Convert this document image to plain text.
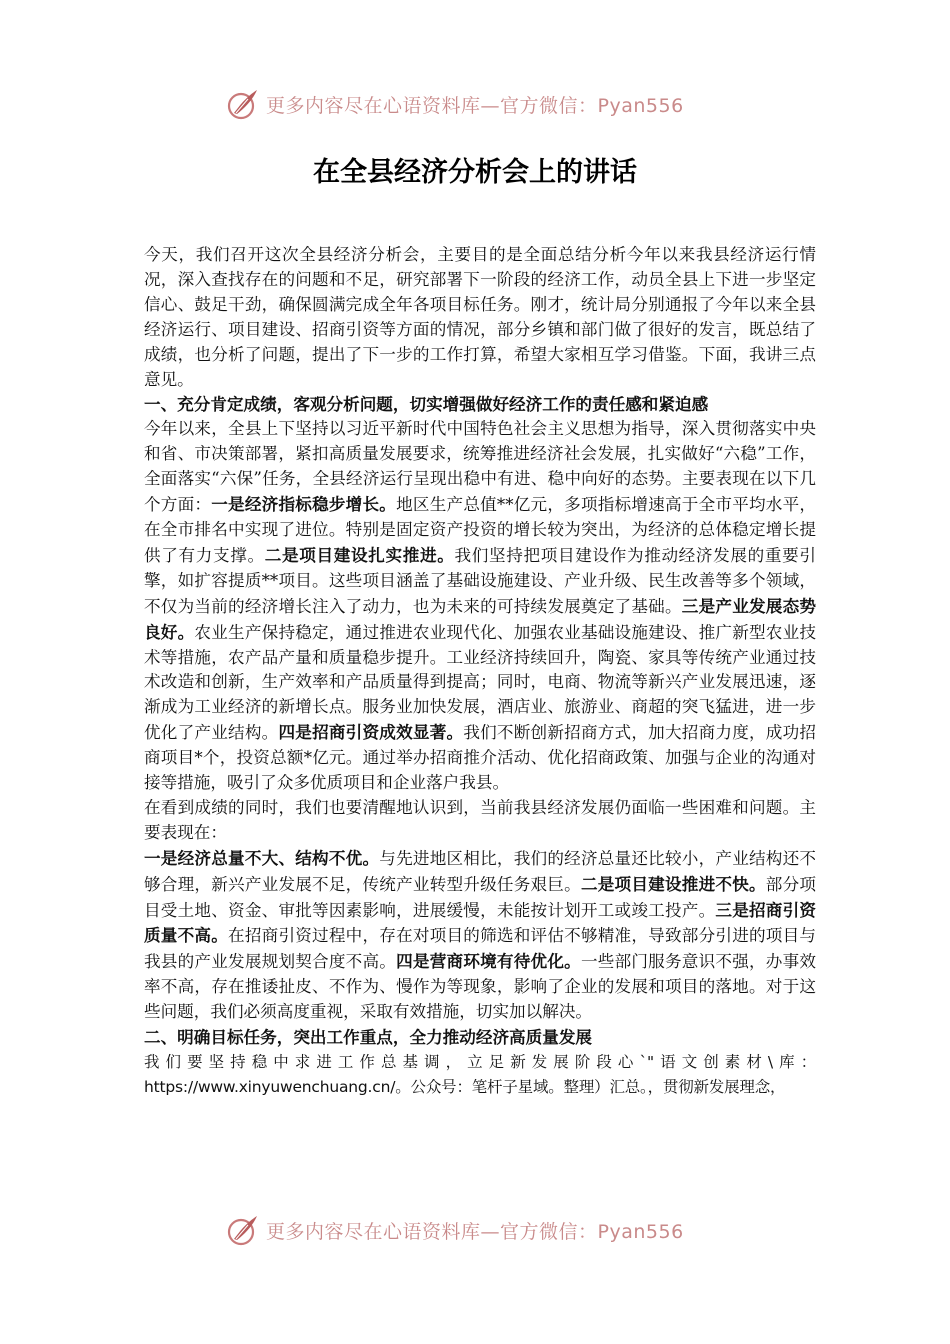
更多内容尽在心语资料库—官方微信：Pyan556
在全县经济分析会上的讲话

今天，我们召开这次全县经济分析会，主要目的是全面总结分析今年以来我县经济运行情况，深入查找存在的问题和不足，研究部署下一阶段的经济工作，动员全县上下进一步坚定信心、鼓足干劲，确保圆满完成全年各项目标任务。刚才，统计局分别通报了今年以来全县经济运行、项目建设、招商引资等方面的情况，部分乡镇和部门做了很好的发言，既总结了成绩，也分析了问题，提出了下一步的工作打算，希望大家相互学习借鉴。下面，我讲三点意见。

一、充分肯定成绩，客观分析问题，切实增强做好经济工作的责任感和紧迫感

今年以来，全县上下坚持以习近平新时代中国特色社会主义思想为指导，深入贯彻落实中央和省、市决策部署，紧扣高质量发展要求，统筹推进经济社会发展，扎实做好“六稳”工作，全面落实“六保”任务，全县经济运行呈现出稳中有进、稳中向好的态势。主要表现在以下几个方面：一是经济指标稳步增长。地区生产总值**亿元，多项指标增速高于全市平均水平，在全市排名中实现了进位。特别是固定资产投资的增长较为突出，为经济的总体稳定增长提供了有力支撑。二是项目建设扎实推进。我们坚持把项目建设作为推动经济发展的重要引擎，如扩容提质**项目。这些项目涵盖了基础设施建设、产业升级、民生改善等多个领域，不仅为当前的经济增长注入了动力，也为未来的可持续发展奠定了基础。三是产业发展态势良好。农业生产保持稳定，通过推进农业现代化、加强农业基础设施建设、推广新型农业技术等措施，农产品产量和质量稳步提升。工业经济持续回升，陶瓷、家具等传统产业通过技术改造和创新，生产效率和产品质量得到提高；同时，电商、物流等新兴产业发展迅速，逐渐成为工业经济的新增长点。服务业加快发展，酒店业、旅游业、商超的突飞猛进，进一步优化了产业结构。四是招商引资成效显著。我们不断创新招商方式，加大招商力度，成功招商项目*个，投资总额*亿元。通过举办招商推介活动、优化招商政策、加强与企业的沟通对接等措施，吸引了众多优质项目和企业落户我县。

在看到成绩的同时，我们也要清醒地认识到，当前我县经济发展仍面临一些困难和问题。主要表现在：

一是经济总量不大、结构不优。与先进地区相比，我们的经济总量还比较小，产业结构还不够合理，新兴产业发展不足，传统产业转型升级任务艰巨。二是项目建设推进不快。部分项目受土地、资金、审批等因素影响，进展缓慢，未能按计划开工或竣工投产。三是招商引资质量不高。在招商引资过程中，存在对项目的筛选和评估不够精准，导致部分引进的项目与我县的产业发展规划契合度不高。四是营商环境有待优化。一些部门服务意识不强，办事效率不高，存在推诿扯皮、不作为、慢作为等现象，影响了企业的发展和项目的落地。对于这些问题，我们必须高度重视，采取有效措施，切实加以解决。

二、明确目标任务，突出工作重点，全力推动经济高质量发展

我们要坚持稳中求进工作总基调，立足新发展阶段心`"语文创素材\库：https://www.xinyuwenchuang.cn/。公众号：笔杆子星域。整理）汇总。，贯彻新发展理念，

更多内容尽在心语资料库—官方微信：Pyan556
